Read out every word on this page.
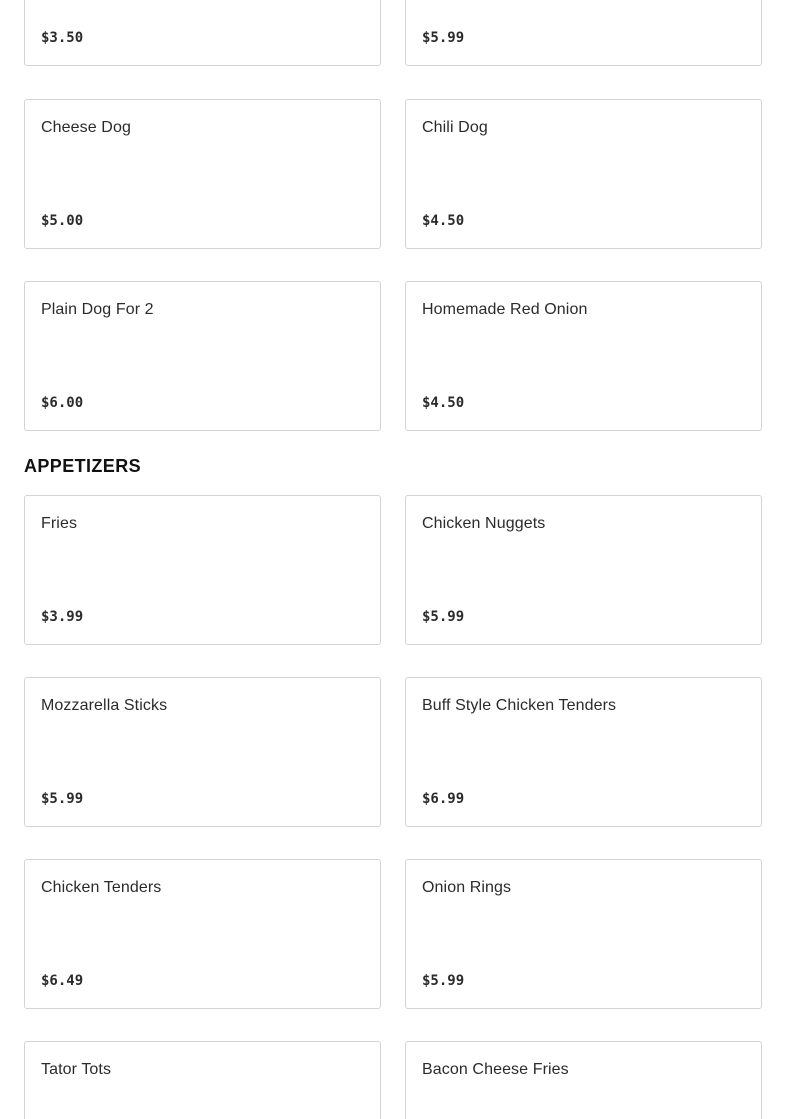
$3.50	$5.99
Cheese Dog
$5.00
Chili Dog
$4.50
Plain Dog For 2
$6.00
Homemade Red Onion
$4.50
APPETIZERS
Fries
$3.99
Chicken Nuggets
$5.99
Mozzarella Sticks
$5.99
Buff Style Chicken Tenders
$6.99
Chicken Tenders
$6.49
Onion Rings
$5.99
Tator Tots	Bacon Cheese Fries
